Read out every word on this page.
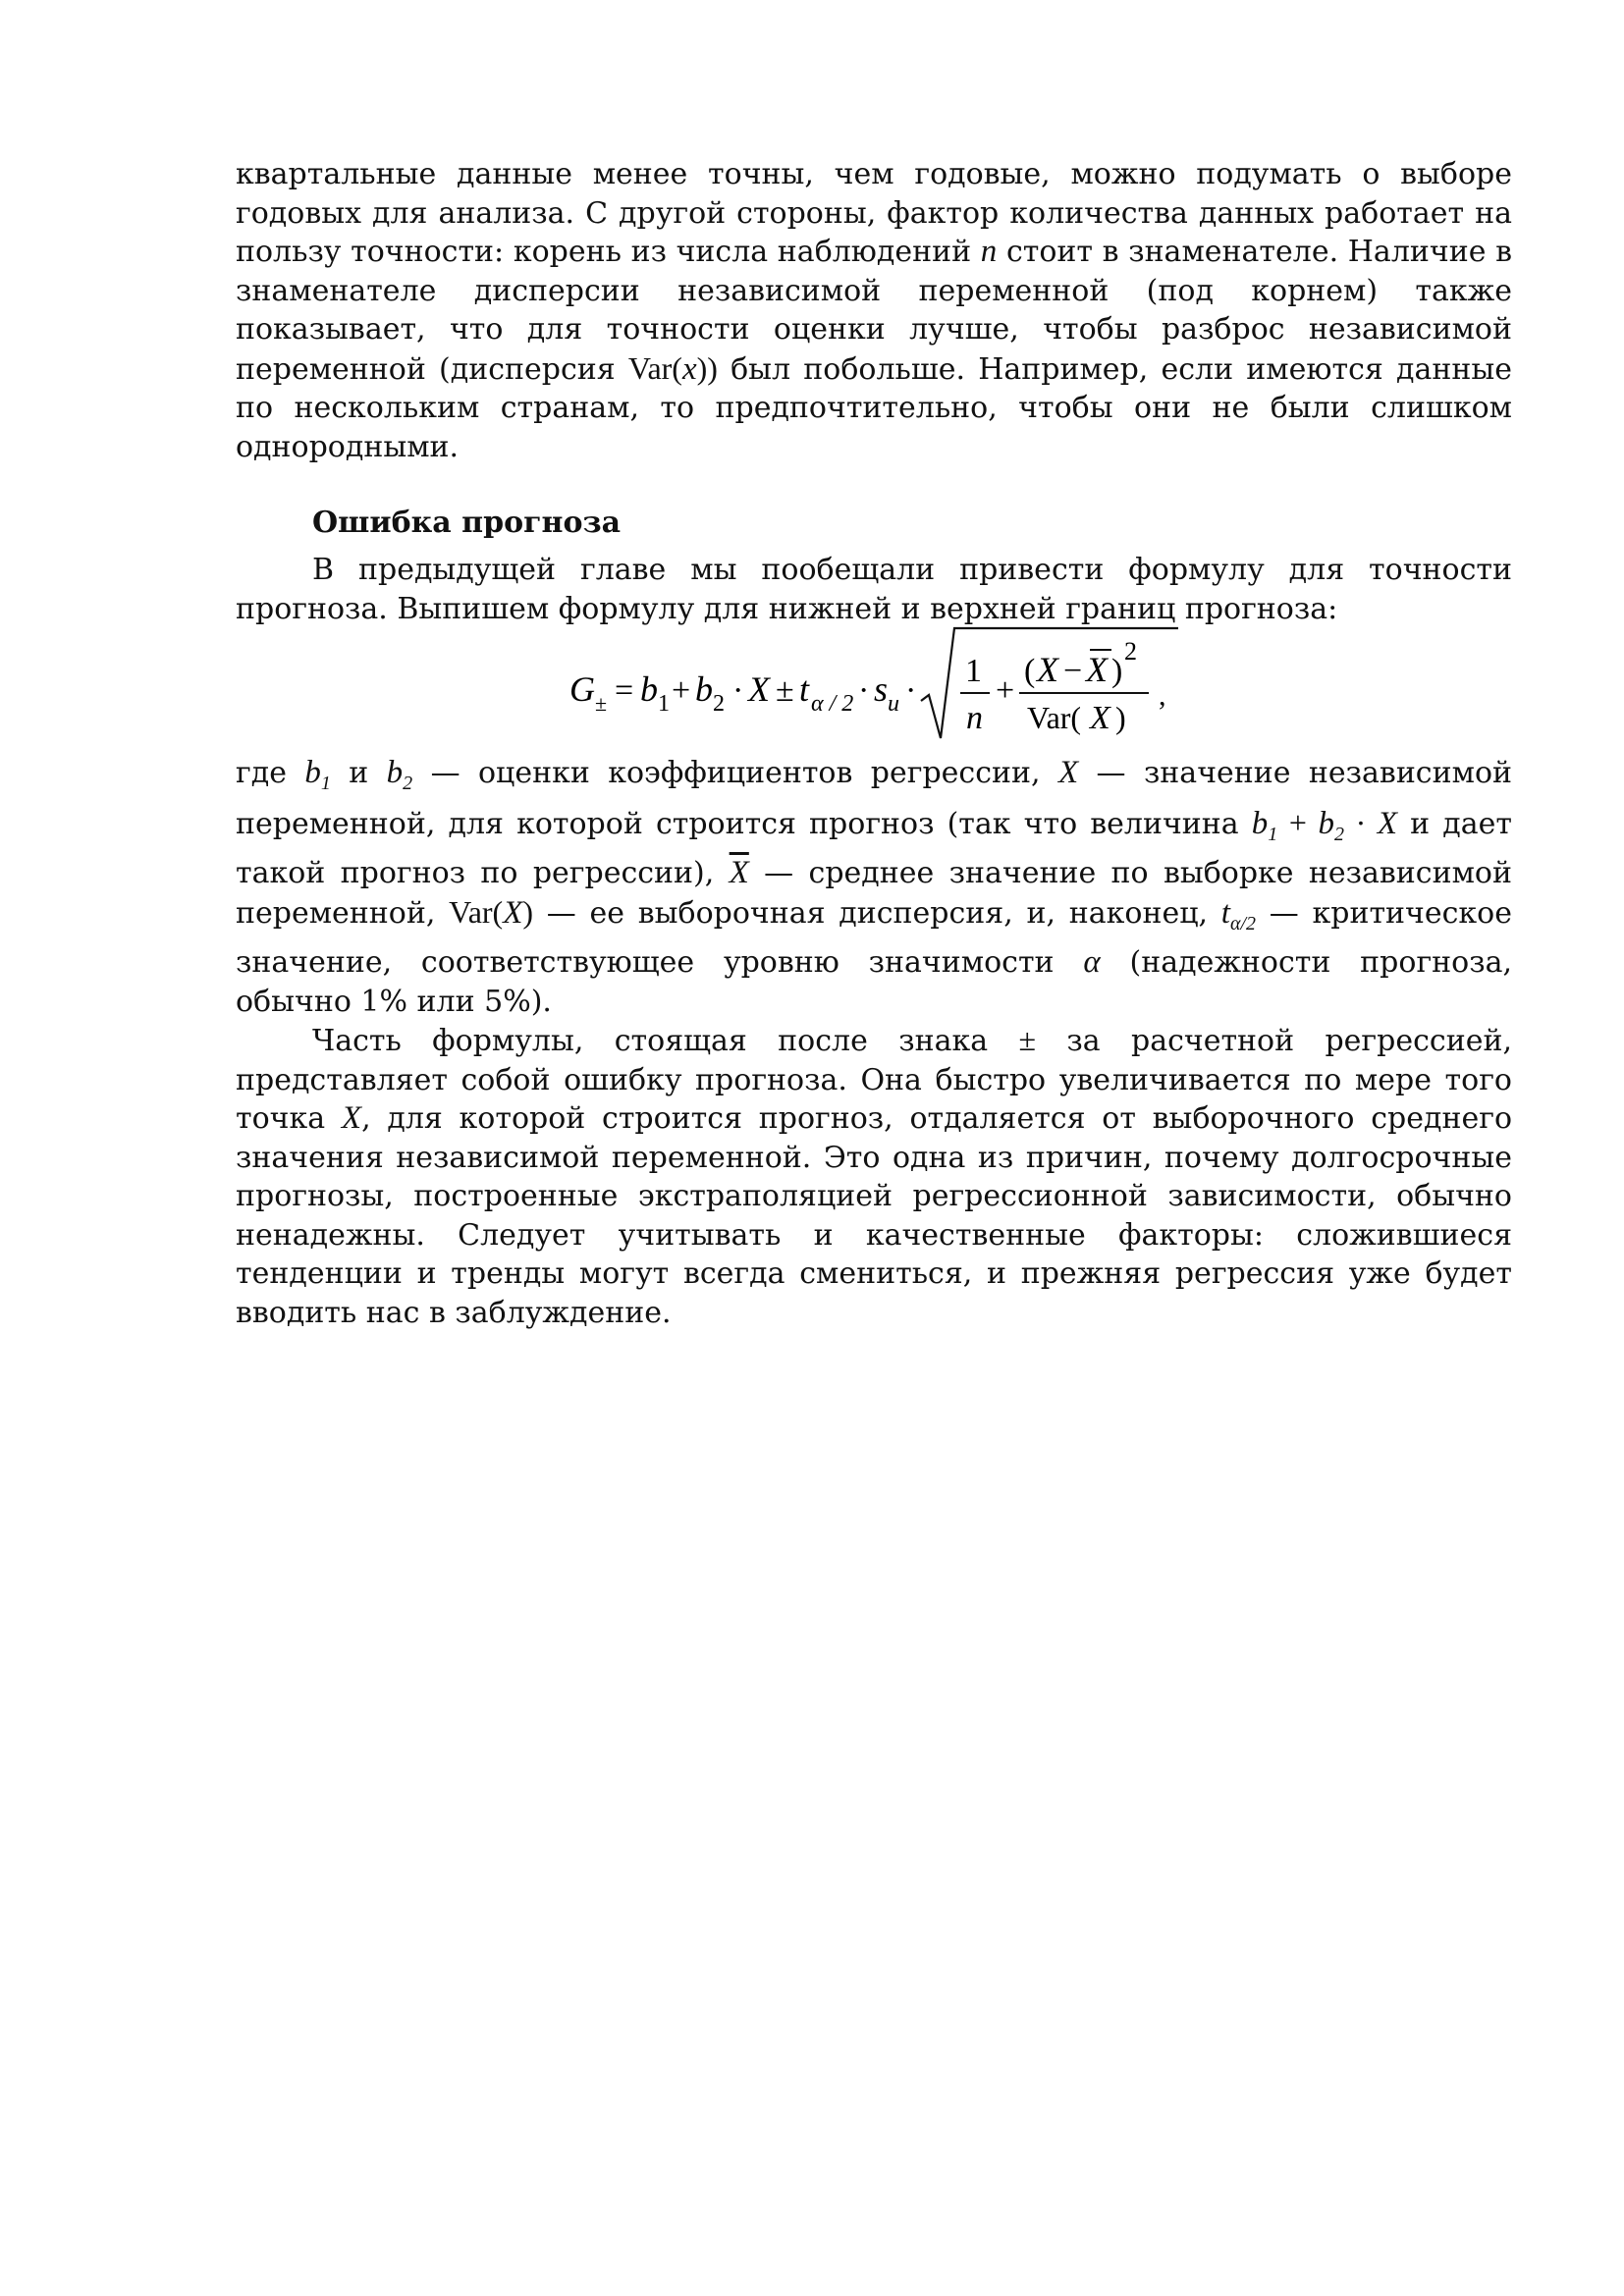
квартальные данные менее точны, чем годовые, можно подумать о выборе годовых для анализа. С другой стороны, фактор количества данных работает на пользу точности: корень из числа наблюдений n стоит в знаменателе. Наличие в знаменателе дисперсии независимой переменной (под корнем) также показывает, что для точности оценки лучше, чтобы разброс независимой переменной (дисперсия Var(x)) был побольше. Например, если имеются данные по нескольким странам, то предпочтительно, чтобы они не были слишком однородными.

Ошибка прогноза

В предыдущей главе мы пообещали привести формулу для точности прогноза. Выпишем формулу для нижней и верхней границ прогноза:

G ± = b 1 + b 2 · X ± t α / 2 · s u ·
1
n
+
( X − X )
2
Var( X )
,

где $b_1$ и $b_2$ — оценки коэффициентов регрессии, X — значение независимой переменной, для которой строится прогноз (так что величина $b_1 + b_2 \cdot X$ и дает такой прогноз по регрессии), $\overline{X}$ — среднее значение по выборке независимой переменной, Var(X) — ее выборочная дисперсия, и, наконец, $t_{\alpha/2}$ — критическое значение, соответствующее уровню значимости α (надежности прогноза, обычно 1% или 5%).

Часть формулы, стоящая после знака ± за расчетной регрессией, представляет собой ошибку прогноза. Она быстро увеличивается по мере того точка X, для которой строится прогноз, отдаляется от выборочного среднего значения независимой переменной. Это одна из причин, почему долгосрочные прогнозы, построенные экстраполяцией регрессионной зависимости, обычно ненадежны. Следует учитывать и качественные факторы: сложившиеся тенденции и тренды могут всегда смениться, и прежняя регрессия уже будет вводить нас в заблуждение.
